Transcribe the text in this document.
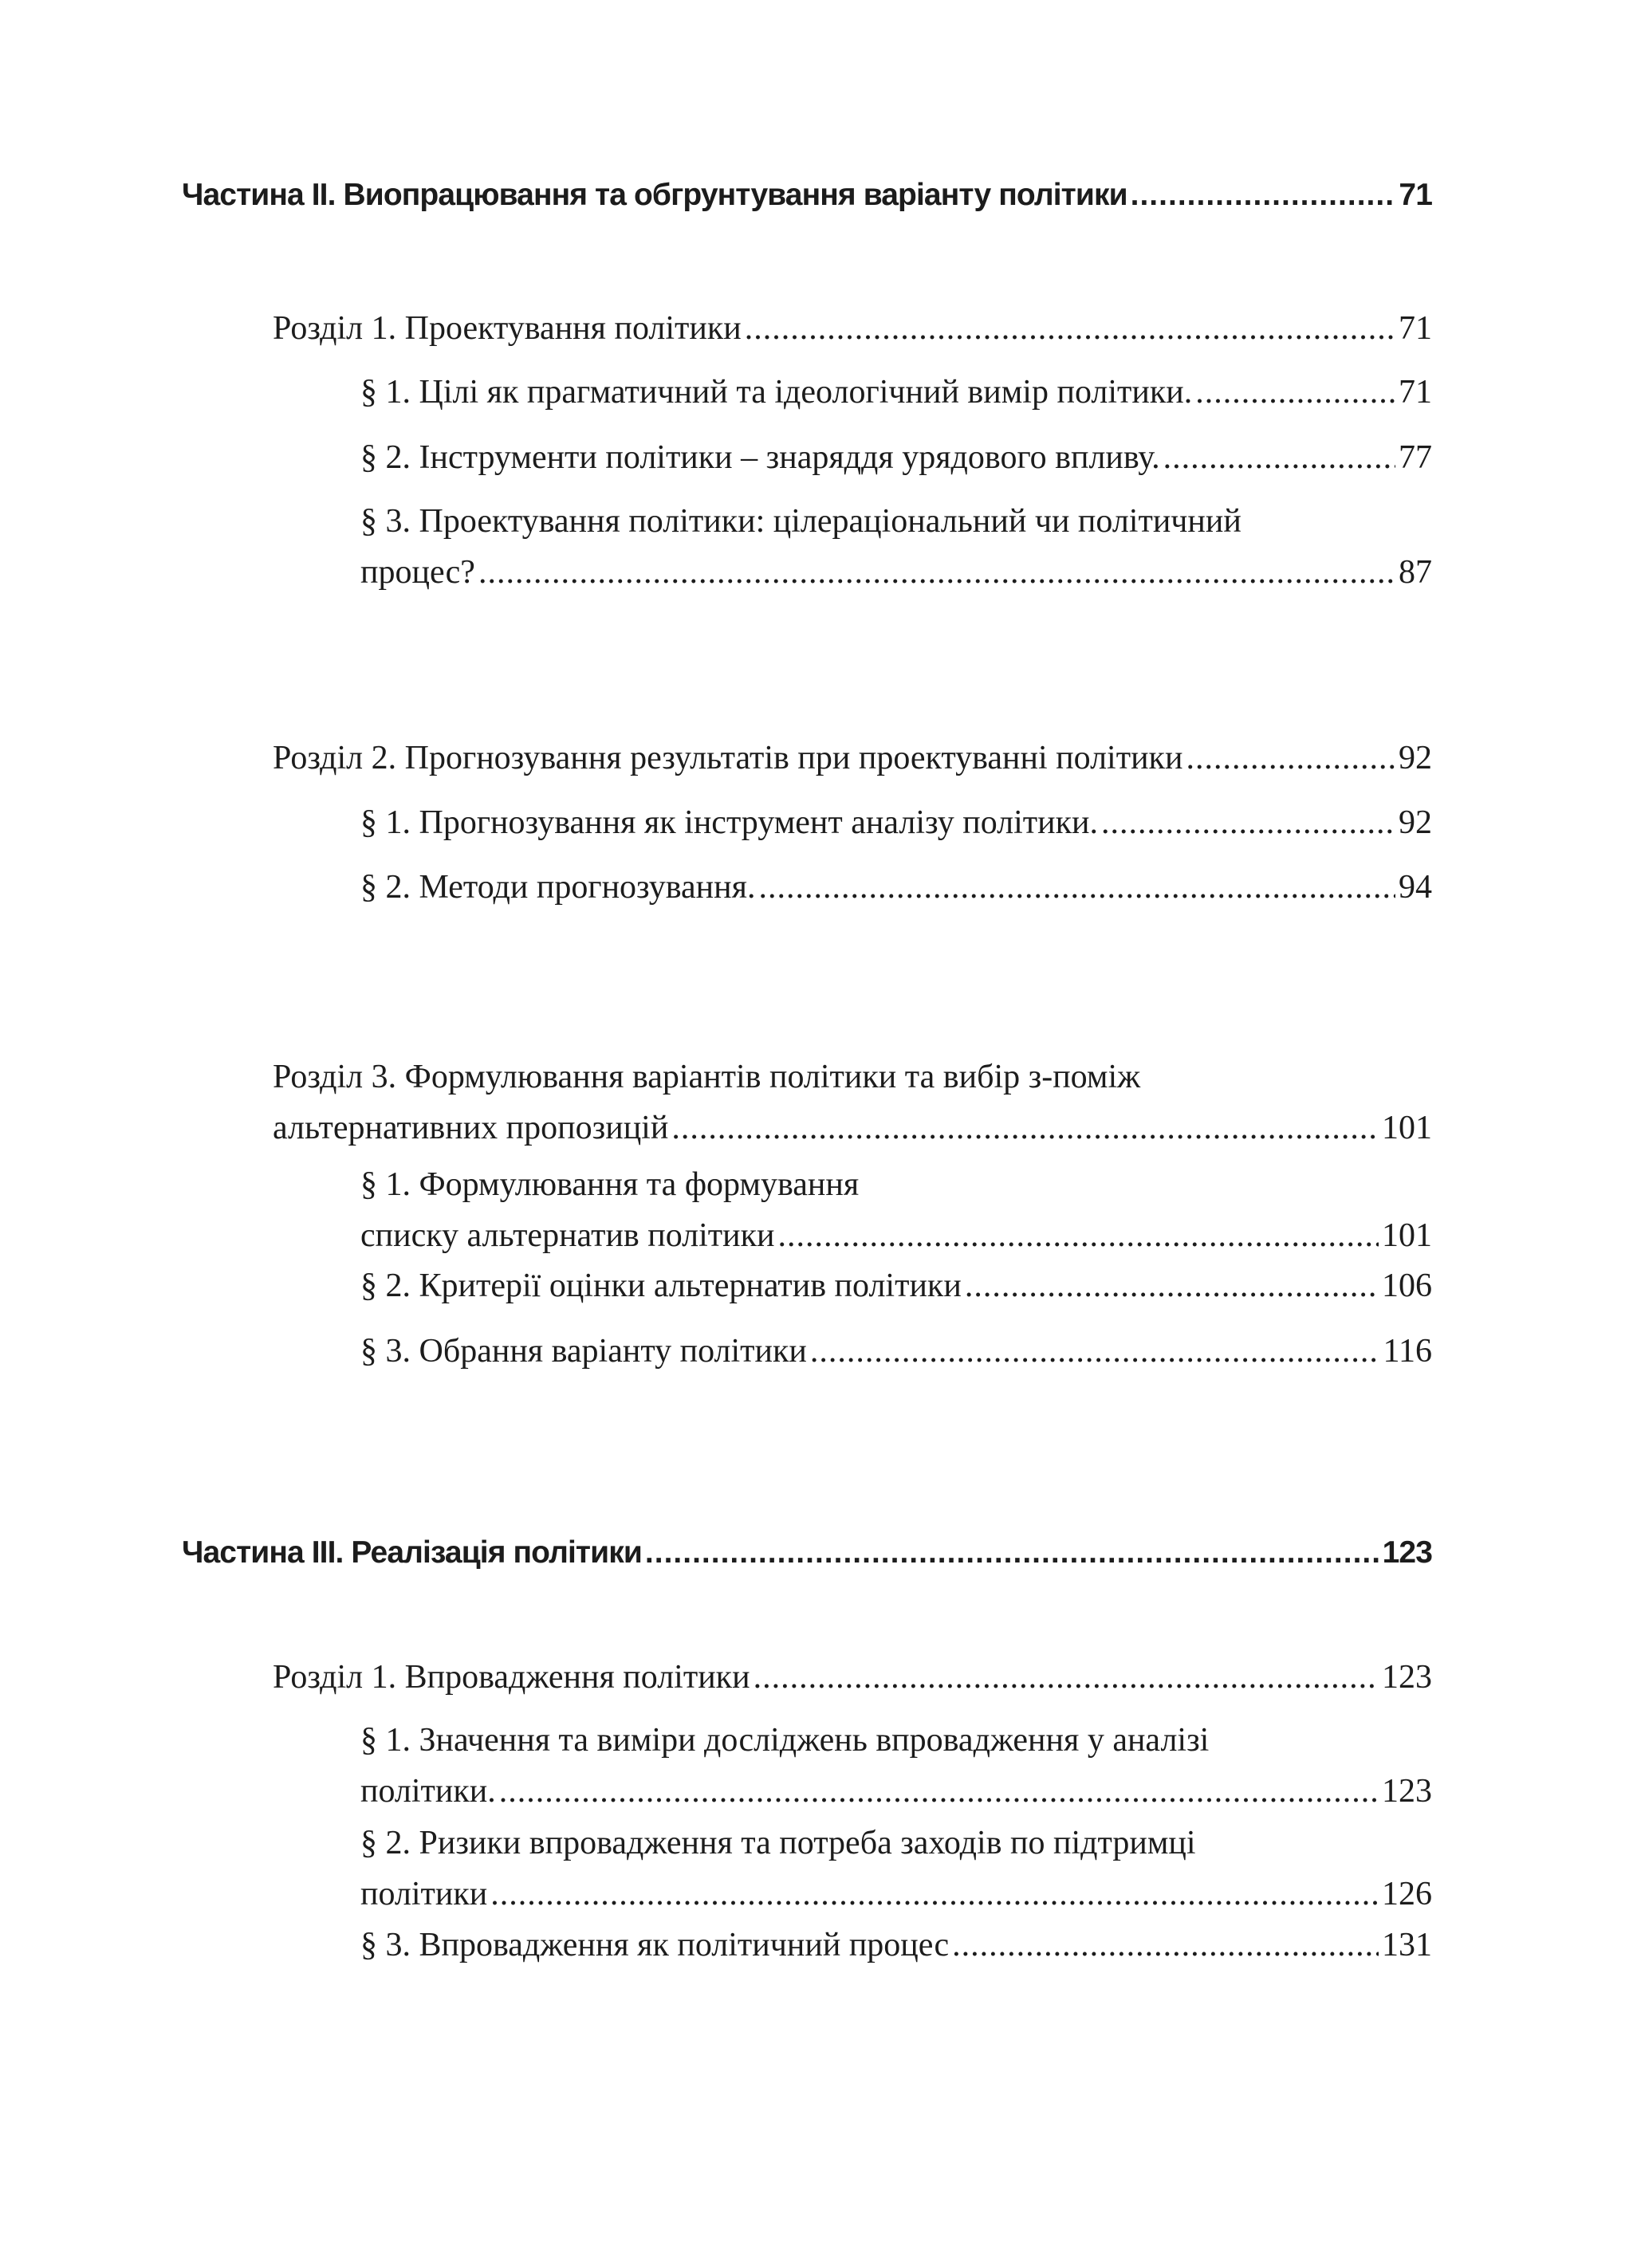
Частина ІІ. Виопрацювання та обгрунтування варіанту політики .....	71
Розділ 1. Проектування політики .....	71
§ 1. Цілі як прагматичний та ідеологічний вимір політики. .....	71
§ 2. Інструменти політики – знаряддя урядового впливу. .....	77
§ 3. Проектування політики: цілераціональний чи політичний
процес? .....	87
Розділ 2. Прогнозування результатів при проектуванні політики .....	92
§ 1. Прогнозування як інструмент аналізу політики. .....	92
§ 2. Методи прогнозування. .....	94
Розділ 3. Формулювання варіантів політики та вибір з-поміж
альтернативних пропозицій .....	101
§ 1. Формулювання та формування
списку альтернатив політики .....	101
§ 2. Критерії оцінки альтернатив політики .....	106
§ 3. Обрання варіанту політики .....	116
Частина ІІІ. Реалізація політики .....	123
Розділ 1. Впровадження політики .....	123
§ 1. Значення та виміри досліджень впровадження у аналізі
політики. .....	123
§ 2. Ризики впровадження та потреба заходів по підтримці
політики .....	126
§ 3. Впровадження як політичний процес .....	131
